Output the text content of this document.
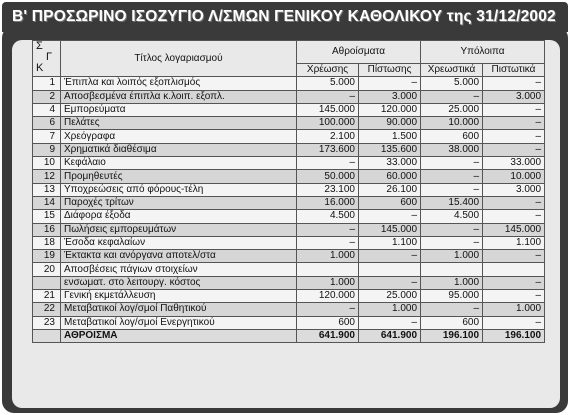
Β' ΠΡΟΣΩΡΙΝΟ ΙΣΟΖΥΓΙΟ Λ/ΣΜΩΝ ΓΕΝΙΚΟΥ ΚΑΘΟΛΙΚΟΥ της 31/12/2002
Σ
Γ
Κ	Τίτλος λογαριασμού	Αθροίσματα		Υπόλοιπα	
		Χρέωσης	Πίστωσης	Χρεωστικά	Πιστωτικά
1	Έπιπλα και λοιπός εξοπλισμός	5.000	–	5.000	–
2	Αποσβεσμένα έπιπλα κ.λοιπ. εξοπλ.	–	3.000	–	3.000
4	Εμπορεύματα	145.000	120.000	25.000	–
6	Πελάτες	100.000	90.000	10.000	–
7	Χρεόγραφα	2.100	1.500	600	–
9	Χρηματικά διαθέσιμα	173.600	135.600	38.000	–
10	Κεφάλαιο	–	33.000	–	33.000
12	Προμηθευτές	50.000	60.000	–	10.000
13	Υποχρεώσεις από φόρους-τέλη	23.100	26.100	–	3.000
14	Παροχές τρίτων	16.000	600	15.400	–
15	Διάφορα έξοδα	4.500	–	4.500	–
16	Πωλήσεις εμπορευμάτων	–	145.000	–	145.000
18	Έσοδα κεφαλαίων	–	1.100	–	1.100
19	Έκτακτα και ανόργανα αποτελ/στα	1.000	–	1.000	–
20	Αποσβέσεις πάγιων στοιχείων				
	ενσωματ. στο λειτουργ. κόστος	1.000	–	1.000	–
21	Γενική εκμετάλλευση	120.000	25.000	95.000	–
22	Μεταβατικοί λογ/σμοί Παθητικού	–	1.000	–	1.000
23	Μεταβατικοί λογ/σμοί Ενεργητικού	600	–	600	–
	ΑΘΡΟΙΣΜΑ	641.900	641.900	196.100	196.100
